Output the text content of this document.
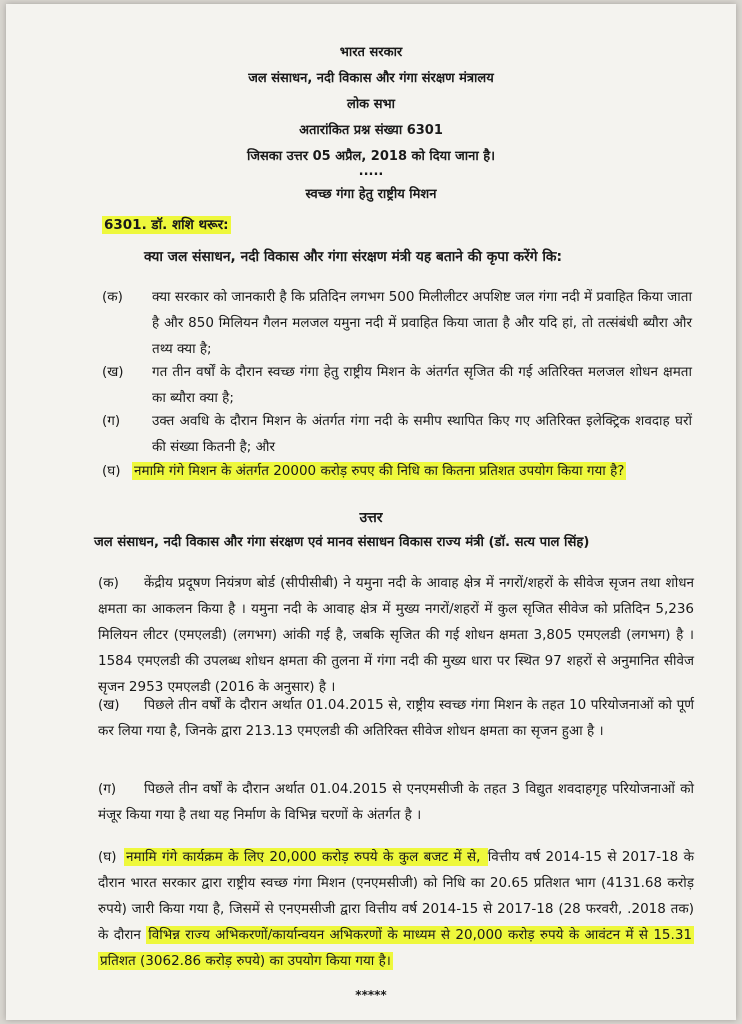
भारत सरकार
जल संसाधन, नदी विकास और गंगा संरक्षण मंत्रालय
लोक सभा
अतारांकित प्रश्न संख्या 6301
जिसका उत्तर 05 अप्रैल, 2018 को दिया जाना है।
.....
स्वच्छ गंगा हेतु राष्ट्रीय मिशन
6301. डॉ. शशि थरूर:
क्या जल संसाधन, नदी विकास और गंगा संरक्षण मंत्री यह बताने की कृपा करेंगे कि:
(क) क्या सरकार को जानकारी है कि प्रतिदिन लगभग 500 मिलीलीटर अपशिष्ट जल गंगा नदी में प्रवाहित किया जाता है और 850 मिलियन गैलन मलजल यमुना नदी में प्रवाहित किया जाता है और यदि हां, तो तत्संबंधी ब्यौरा और तथ्य क्या है;
(ख) गत तीन वर्षों के दौरान स्वच्छ गंगा हेतु राष्ट्रीय मिशन के अंतर्गत सृजित की गई अतिरिक्त मलजल शोधन क्षमता का ब्यौरा क्या है;
(ग) उक्त अवधि के दौरान मिशन के अंतर्गत गंगा नदी के समीप स्थापित किए गए अतिरिक्त इलेक्ट्रिक शवदाह घरों की संख्या कितनी है; और
(घ) नमामि गंगे मिशन के अंतर्गत 20000 करोड़ रुपए की निधि का कितना प्रतिशत उपयोग किया गया है?
उत्तर
जल संसाधन, नदी विकास और गंगा संरक्षण एवं मानव संसाधन विकास राज्य मंत्री (डॉ. सत्य पाल सिंह)
(क)	केंद्रीय प्रदूषण नियंत्रण बोर्ड (सीपीसीबी) ने यमुना नदी के आवाह क्षेत्र में नगरों/शहरों के सीवेज सृजन तथा शोधन क्षमता का आकलन किया है । यमुना नदी के आवाह क्षेत्र में मुख्य नगरों/शहरों में कुल सृजित सीवेज को प्रतिदिन 5,236 मिलियन लीटर (एमएलडी) (लगभग) आंकी गई है, जबकि सृजित की गई शोधन क्षमता 3,805 एमएलडी (लगभग) है । 1584 एमएलडी की उपलब्ध शोधन क्षमता की तुलना में गंगा नदी की मुख्य धारा पर स्थित 97 शहरों से अनुमानित सीवेज सृजन 2953 एमएलडी (2016 के अनुसार) है ।
(ख)	पिछले तीन वर्षों के दौरान अर्थात 01.04.2015 से, राष्ट्रीय स्वच्छ गंगा मिशन के तहत 10 परियोजनाओं को पूर्ण कर लिया गया है, जिनके द्वारा 213.13 एमएलडी की अतिरिक्त सीवेज शोधन क्षमता का सृजन हुआ है ।
(ग)	पिछले तीन वर्षों के दौरान अर्थात 01.04.2015 से एनएमसीजी के तहत 3 विद्युत शवदाहगृह परियोजनाओं को मंजूर किया गया है तथा यह निर्माण के विभिन्न चरणों के अंतर्गत है ।
(घ) नमामि गंगे कार्यक्रम के लिए 20,000 करोड़ रुपये के कुल बजट में से, वित्तीय वर्ष 2014-15 से 2017-18 के दौरान भारत सरकार द्वारा राष्ट्रीय स्वच्छ गंगा मिशन (एनएमसीजी) को निधि का 20.65 प्रतिशत भाग (4131.68 करोड़ रुपये) जारी किया गया है, जिसमें से एनएमसीजी द्वारा वित्तीय वर्ष 2014-15 से 2017-18 (28 फरवरी, .2018 तक) के दौरान विभिन्न राज्य अभिकरणों/कार्यान्वयन अभिकरणों के माध्यम से 20,000 करोड़ रुपये के आवंटन में से 15.31 प्रतिशत (3062.86 करोड़ रुपये) का उपयोग किया गया है।
*****
